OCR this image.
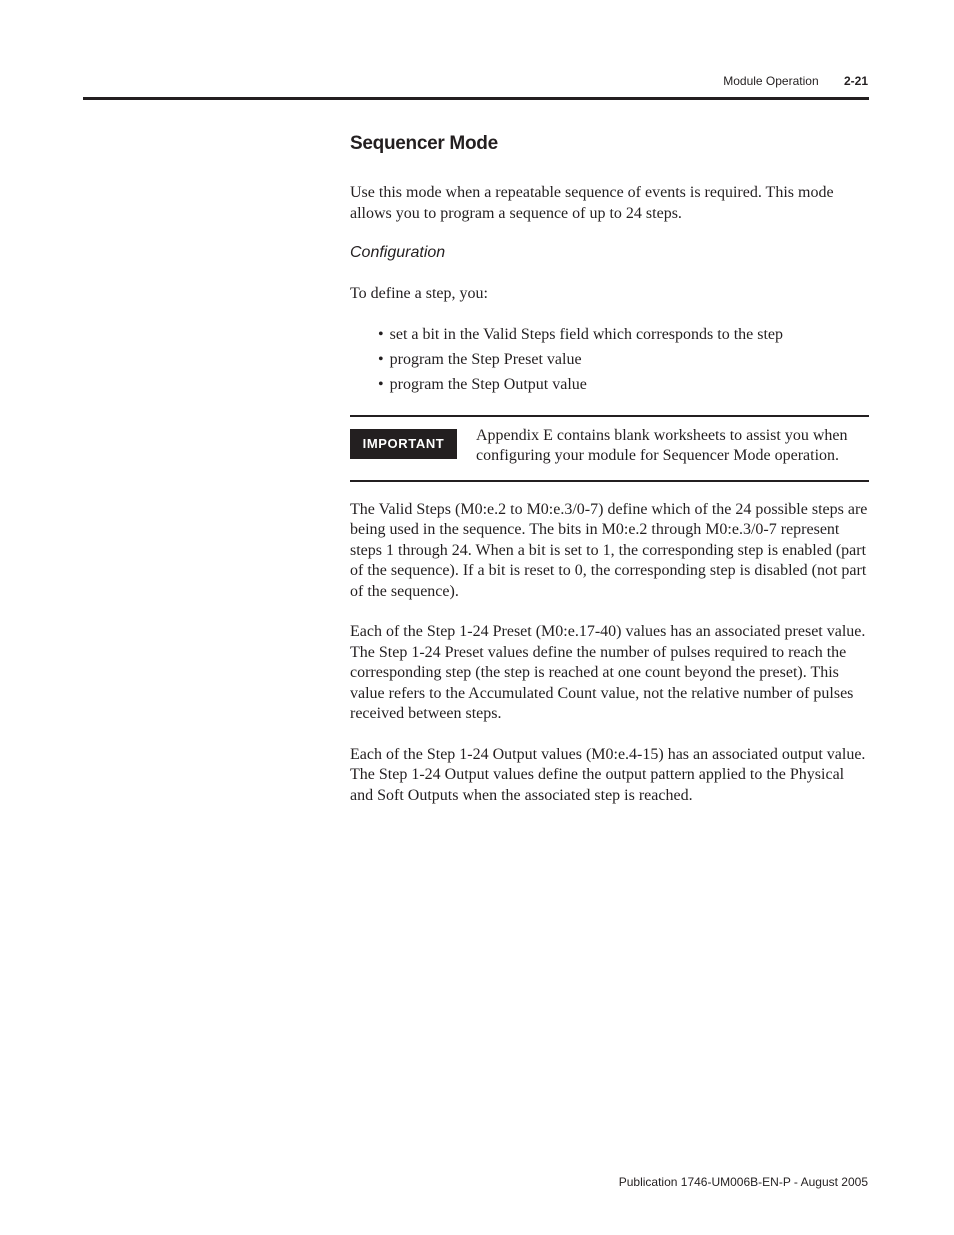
Module Operation 2-21
Sequencer Mode

Use this mode when a repeatable sequence of events is required. This mode allows you to program a sequence of up to 24 steps.

Configuration

To define a step, you:

• set a bit in the Valid Steps field which corresponds to the step
• program the Step Preset value
• program the Step Output value
IMPORTANT	Appendix E contains blank worksheets to assist you when configuring your module for Sequencer Mode operation.

The Valid Steps (M0:e.2 to M0:e.3/0-7) define which of the 24 possible steps are being used in the sequence. The bits in M0:e.2 through M0:e.3/0-7 represent steps 1 through 24. When a bit is set to 1, the corresponding step is enabled (part of the sequence). If a bit is reset to 0, the corresponding step is disabled (not part of the sequence).

Each of the Step 1-24 Preset (M0:e.17-40) values has an associated preset value. The Step 1-24 Preset values define the number of pulses required to reach the corresponding step (the step is reached at one count beyond the preset). This value refers to the Accumulated Count value, not the relative number of pulses received between steps.

Each of the Step 1-24 Output values (M0:e.4-15) has an associated output value. The Step 1-24 Output values define the output pattern applied to the Physical and Soft Outputs when the associated step is reached.

Publication 1746-UM006B-EN-P - August 2005
